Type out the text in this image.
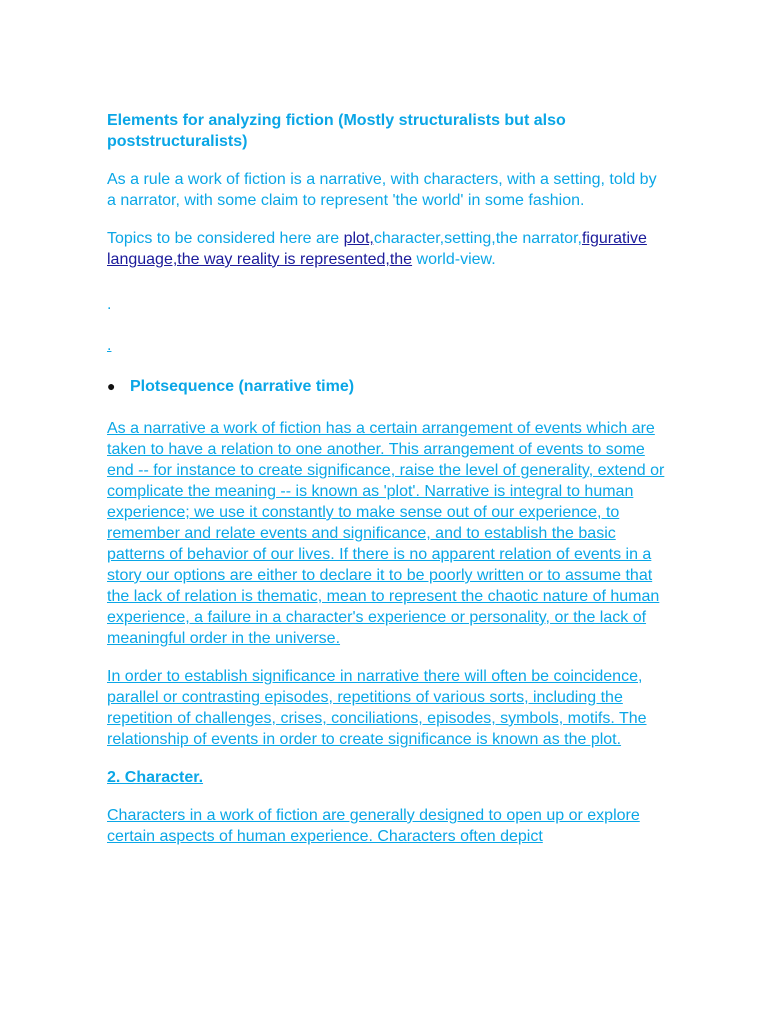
Elements for analyzing fiction (Mostly structuralists but also poststructuralists)

As a rule a work of fiction is a narrative, with characters, with a setting, told by a narrator, with some claim to represent 'the world' in some fashion.

Topics to be considered here are plot,character,setting,the narrator,figurative language,the way reality is represented,the world-view.

.

.

● Plotsequence (narrative time)

As a narrative a work of fiction has a certain arrangement of events which are taken to have a relation to one another. This arrangement of events to some end -- for instance to create significance, raise the level of generality, extend or complicate the meaning -- is known as 'plot'. Narrative is integral to human experience; we use it constantly to make sense out of our experience, to remember and relate events and significance, and to establish the basic patterns of behavior of our lives. If there is no apparent relation of events in a story our options are either to declare it to be poorly written or to assume that the lack of relation is thematic, mean to represent the chaotic nature of human experience, a failure in a character's experience or personality, or the lack of meaningful order in the universe.

In order to establish significance in narrative there will often be coincidence, parallel or contrasting episodes, repetitions of various sorts, including the repetition of challenges, crises, conciliations, episodes, symbols, motifs. The relationship of events in order to create significance is known as the plot.

2. Character.

Characters in a work of fiction are generally designed to open up or explore certain aspects of human experience. Characters often depict
